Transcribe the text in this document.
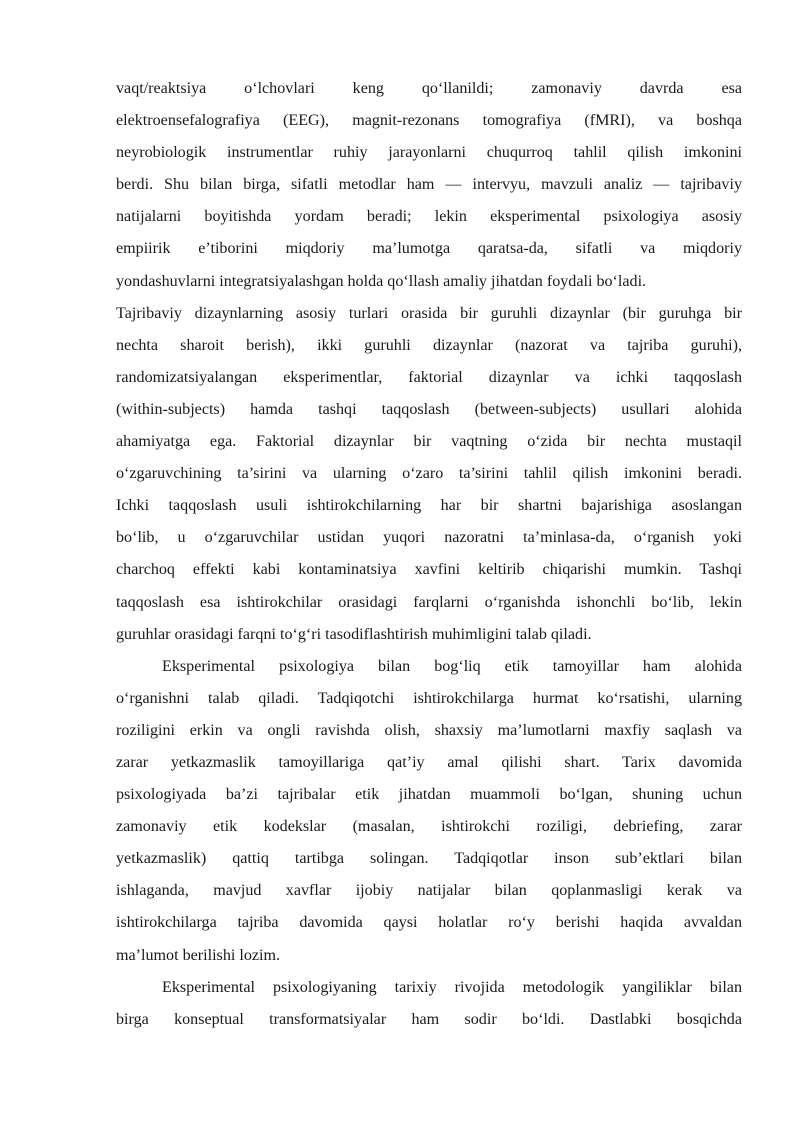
vaqt/reaktsiya o‘lchovlari keng qo‘llanildi; zamonaviy davrda esa
elektroensefalografiya (EEG), magnit-rezonans tomografiya (fMRI), va boshqa
neyrobiologik instrumentlar ruhiy jarayonlarni chuqurroq tahlil qilish imkonini
berdi. Shu bilan birga, sifatli metodlar ham — intervyu, mavzuli analiz — tajribaviy
natijalarni boyitishda yordam beradi; lekin eksperimental psixologiya asosiy
empiirik e’tiborini miqdoriy ma’lumotga qaratsa-da, sifatli va miqdoriy
yondashuvlarni integratsiyalashgan holda qo‘llash amaliy jihatdan foydali bo‘ladi.
Tajribaviy dizaynlarning asosiy turlari orasida bir guruhli dizaynlar (bir guruhga bir
nechta sharoit berish), ikki guruhli dizaynlar (nazorat va tajriba guruhi),
randomizatsiyalangan eksperimentlar, faktorial dizaynlar va ichki taqqoslash
(within-subjects) hamda tashqi taqqoslash (between-subjects) usullari alohida
ahamiyatga ega. Faktorial dizaynlar bir vaqtning o‘zida bir nechta mustaqil
o‘zgaruvchining ta’sirini va ularning o‘zaro ta’sirini tahlil qilish imkonini beradi.
Ichki taqqoslash usuli ishtirokchilarning har bir shartni bajarishiga asoslangan
bo‘lib, u o‘zgaruvchilar ustidan yuqori nazoratni ta’minlasa-da, o‘rganish yoki
charchoq effekti kabi kontaminatsiya xavfini keltirib chiqarishi mumkin. Tashqi
taqqoslash esa ishtirokchilar orasidagi farqlarni o‘rganishda ishonchli bo‘lib, lekin
guruhlar orasidagi farqni to‘g‘ri tasodiflashtirish muhimligini talab qiladi.
Eksperimental psixologiya bilan bog‘liq etik tamoyillar ham alohida
o‘rganishni talab qiladi. Tadqiqotchi ishtirokchilarga hurmat ko‘rsatishi, ularning
roziligini erkin va ongli ravishda olish, shaxsiy ma’lumotlarni maxfiy saqlash va
zarar yetkazmaslik tamoyillariga qat’iy amal qilishi shart. Tarix davomida
psixologiyada ba’zi tajribalar etik jihatdan muammoli bo‘lgan, shuning uchun
zamonaviy etik kodekslar (masalan, ishtirokchi roziligi, debriefing, zarar
yetkazmaslik) qattiq tartibga solingan. Tadqiqotlar inson sub’ektlari bilan
ishlaganda, mavjud xavflar ijobiy natijalar bilan qoplanmasligi kerak va
ishtirokchilarga tajriba davomida qaysi holatlar ro‘y berishi haqida avvaldan
ma’lumot berilishi lozim.
Eksperimental psixologiyaning tarixiy rivojida metodologik yangiliklar bilan
birga konseptual transformatsiyalar ham sodir bo‘ldi. Dastlabki bosqichda
